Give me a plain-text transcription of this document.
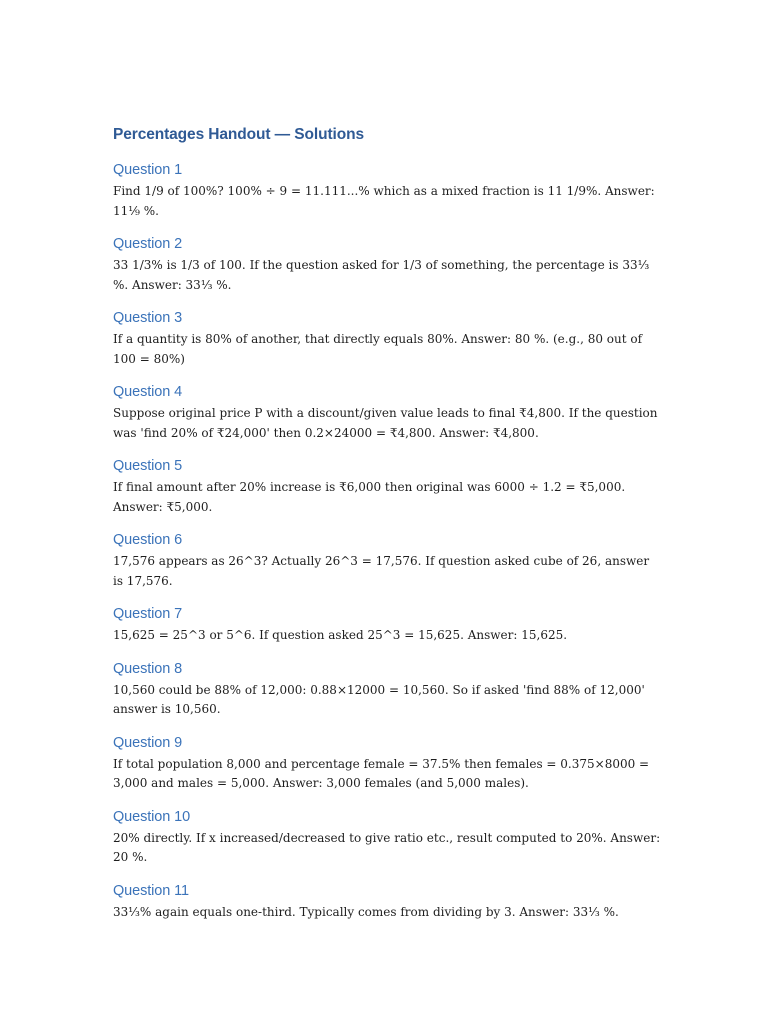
Percentages Handout — Solutions
Question 1

Find 1/9 of 100%? 100% ÷ 9 = 11.111...% which as a mixed fraction is 11 1/9%. Answer: 11⅑ %.

Question 2

33 1/3% is 1/3 of 100. If the question asked for 1/3 of something, the percentage is 33⅓ %. Answer: 33⅓ %.

Question 3

If a quantity is 80% of another, that directly equals 80%. Answer: 80 %. (e.g., 80 out of 100 = 80%)

Question 4

Suppose original price P with a discount/given value leads to final ₹4,800. If the question was 'find 20% of ₹24,000' then 0.2×24000 = ₹4,800. Answer: ₹4,800.

Question 5

If final amount after 20% increase is ₹6,000 then original was 6000 ÷ 1.2 = ₹5,000. Answer: ₹5,000.

Question 6

17,576 appears as 26^3? Actually 26^3 = 17,576. If question asked cube of 26, answer is 17,576.

Question 7

15,625 = 25^3 or 5^6. If question asked 25^3 = 15,625. Answer: 15,625.

Question 8

10,560 could be 88% of 12,000: 0.88×12000 = 10,560. So if asked 'find 88% of 12,000' answer is 10,560.

Question 9

If total population 8,000 and percentage female = 37.5% then females = 0.375×8000 = 3,000 and males = 5,000. Answer: 3,000 females (and 5,000 males).

Question 10

20% directly. If x increased/decreased to give ratio etc., result computed to 20%. Answer: 20 %.

Question 11

33⅓% again equals one-third. Typically comes from dividing by 3. Answer: 33⅓ %.
